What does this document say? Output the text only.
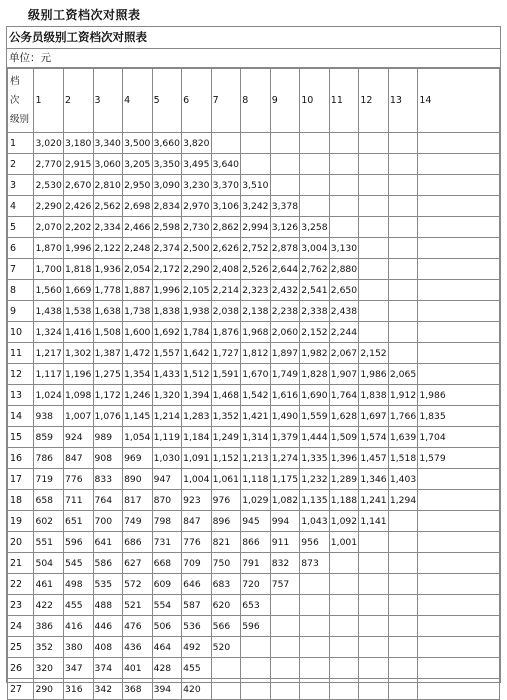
级别工资档次对照表
公务员级别工资档次对照表
单位：元
档
次
级别	1	2	3	4	5	6	7	8	9	10	11	12	13	14
1	3,020	3,180	3,340	3,500	3,660	3,820								
2	2,770	2,915	3,060	3,205	3,350	3,495	3,640							
3	2,530	2,670	2,810	2,950	3,090	3,230	3,370	3,510						
4	2,290	2,426	2,562	2,698	2,834	2,970	3,106	3,242	3,378					
5	2,070	2,202	2,334	2,466	2,598	2,730	2,862	2,994	3,126	3,258				
6	1,870	1,996	2,122	2,248	2,374	2,500	2,626	2,752	2,878	3,004	3,130			
7	1,700	1,818	1,936	2,054	2,172	2,290	2,408	2,526	2,644	2,762	2,880			
8	1,560	1,669	1,778	1,887	1,996	2,105	2,214	2,323	2,432	2,541	2,650			
9	1,438	1,538	1,638	1,738	1,838	1,938	2,038	2,138	2,238	2,338	2,438			
10	1,324	1,416	1,508	1,600	1,692	1,784	1,876	1,968	2,060	2,152	2,244			
11	1,217	1,302	1,387	1,472	1,557	1,642	1,727	1,812	1,897	1,982	2,067	2,152		
12	1,117	1,196	1,275	1,354	1,433	1,512	1,591	1,670	1,749	1,828	1,907	1,986	2,065	
13	1,024	1,098	1,172	1,246	1,320	1,394	1,468	1,542	1,616	1,690	1,764	1,838	1,912	1,986
14	938	1,007	1,076	1,145	1,214	1,283	1,352	1,421	1,490	1,559	1,628	1,697	1,766	1,835
15	859	924	989	1,054	1,119	1,184	1,249	1,314	1,379	1,444	1,509	1,574	1,639	1,704
16	786	847	908	969	1,030	1,091	1,152	1,213	1,274	1,335	1,396	1,457	1,518	1,579
17	719	776	833	890	947	1,004	1,061	1,118	1,175	1,232	1,289	1,346	1,403	
18	658	711	764	817	870	923	976	1,029	1,082	1,135	1,188	1,241	1,294	
19	602	651	700	749	798	847	896	945	994	1,043	1,092	1,141		
20	551	596	641	686	731	776	821	866	911	956	1,001			
21	504	545	586	627	668	709	750	791	832	873				
22	461	498	535	572	609	646	683	720	757					
23	422	455	488	521	554	587	620	653						
24	386	416	446	476	506	536	566	596						
25	352	380	408	436	464	492	520							
26	320	347	374	401	428	455								
27	290	316	342	368	394	420								
